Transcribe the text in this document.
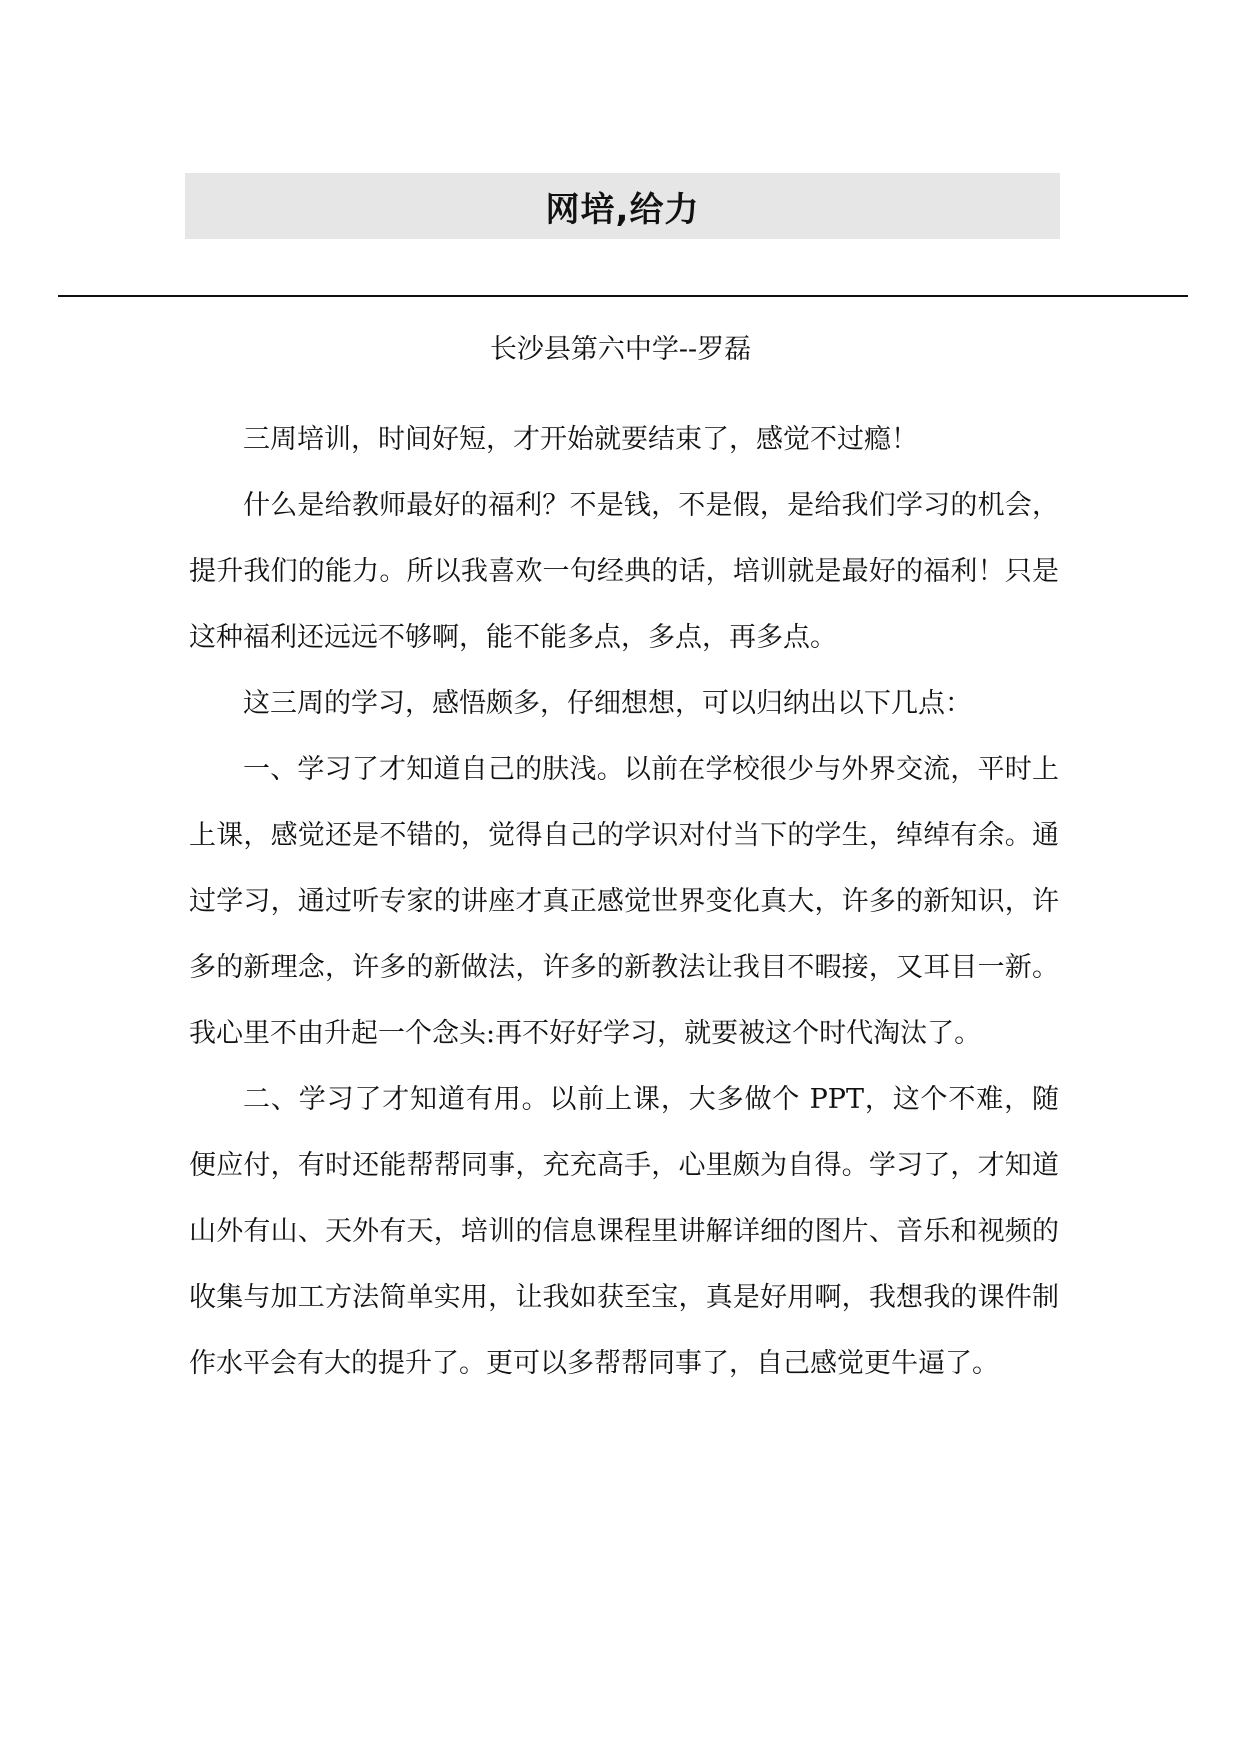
网培,给力
长沙县第六中学--罗磊

三周培训，时间好短，才开始就要结束了，感觉不过瘾！

什么是给教师最好的福利？不是钱，不是假，是给我们学习的机会，提升我们的能力。所以我喜欢一句经典的话，培训就是最好的福利！只是这种福利还远远不够啊，能不能多点，多点，再多点。

这三周的学习，感悟颇多，仔细想想，可以归纳出以下几点：

一、学习了才知道自己的肤浅。以前在学校很少与外界交流，平时上上课，感觉还是不错的，觉得自己的学识对付当下的学生，绰绰有余。通过学习，通过听专家的讲座才真正感觉世界变化真大，许多的新知识，许多的新理念，许多的新做法，许多的新教法让我目不暇接，又耳目一新。我心里不由升起一个念头:再不好好学习，就要被这个时代淘汰了。

二、学习了才知道有用。以前上课，大多做个 PPT，这个不难，随便应付，有时还能帮帮同事，充充高手，心里颇为自得。学习了，才知道山外有山、天外有天，培训的信息课程里讲解详细的图片、音乐和视频的收集与加工方法简单实用，让我如获至宝，真是好用啊，我想我的课件制作水平会有大的提升了。更可以多帮帮同事了，自己感觉更牛逼了。
